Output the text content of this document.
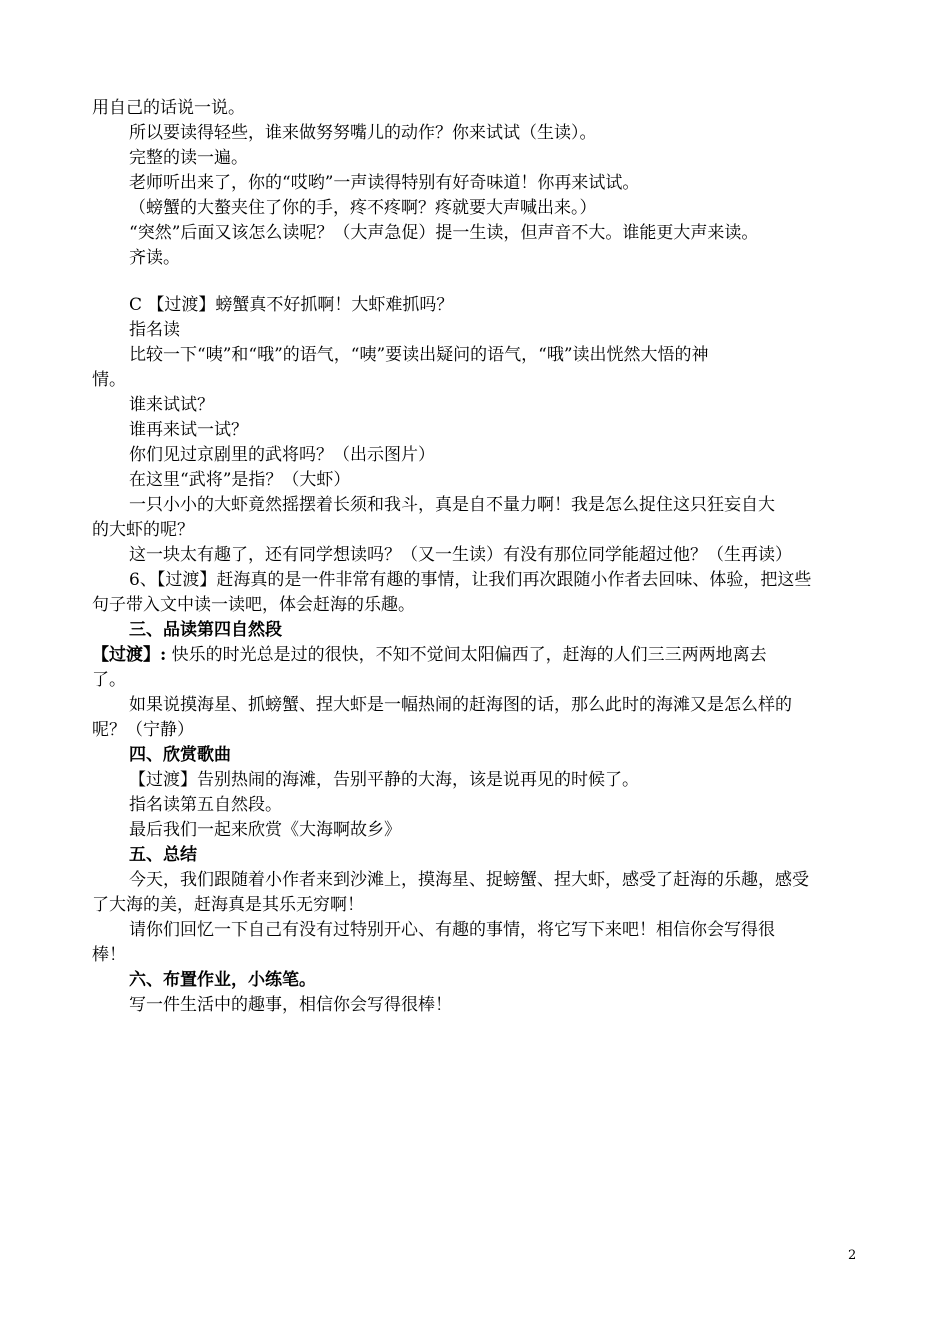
用自己的话说一说。
所以要读得轻些，谁来做努努嘴儿的动作？你来试试（生读）。
完整的读一遍。
老师听出来了，你的“哎哟”一声读得特别有好奇味道！你再来试试。
（螃蟹的大螯夹住了你的手，疼不疼啊？疼就要大声喊出来。）
“突然”后面又该怎么读呢？（大声急促）提一生读，但声音不大。谁能更大声来读。
齐读。
C 【过渡】螃蟹真不好抓啊！大虾难抓吗？
指名读
比较一下“咦”和“哦”的语气，“咦”要读出疑问的语气，“哦”读出恍然大悟的神
情。
谁来试试？
谁再来试一试？
你们见过京剧里的武将吗？（出示图片）
在这里“武将”是指？（大虾）
一只小小的大虾竟然摇摆着长须和我斗，真是自不量力啊！我是怎么捉住这只狂妄自大
的大虾的呢？
这一块太有趣了，还有同学想读吗？（又一生读）有没有那位同学能超过他？（生再读）
6、【过渡】赶海真的是一件非常有趣的事情，让我们再次跟随小作者去回味、体验，把这些
句子带入文中读一读吧，体会赶海的乐趣。
三、品读第四自然段
【过渡】: 快乐的时光总是过的很快，不知不觉间太阳偏西了，赶海的人们三三两两地离去
了。
如果说摸海星、抓螃蟹、捏大虾是一幅热闹的赶海图的话，那么此时的海滩又是怎么样的
呢？（宁静）
四、欣赏歌曲
【过渡】告别热闹的海滩，告别平静的大海，该是说再见的时候了。
指名读第五自然段。
最后我们一起来欣赏《大海啊故乡》
五、总结
今天，我们跟随着小作者来到沙滩上，摸海星、捉螃蟹、捏大虾，感受了赶海的乐趣，感受
了大海的美，赶海真是其乐无穷啊！
请你们回忆一下自己有没有过特别开心、有趣的事情，将它写下来吧！相信你会写得很
棒！
六、布置作业，小练笔。
写一件生活中的趣事，相信你会写得很棒！
2
